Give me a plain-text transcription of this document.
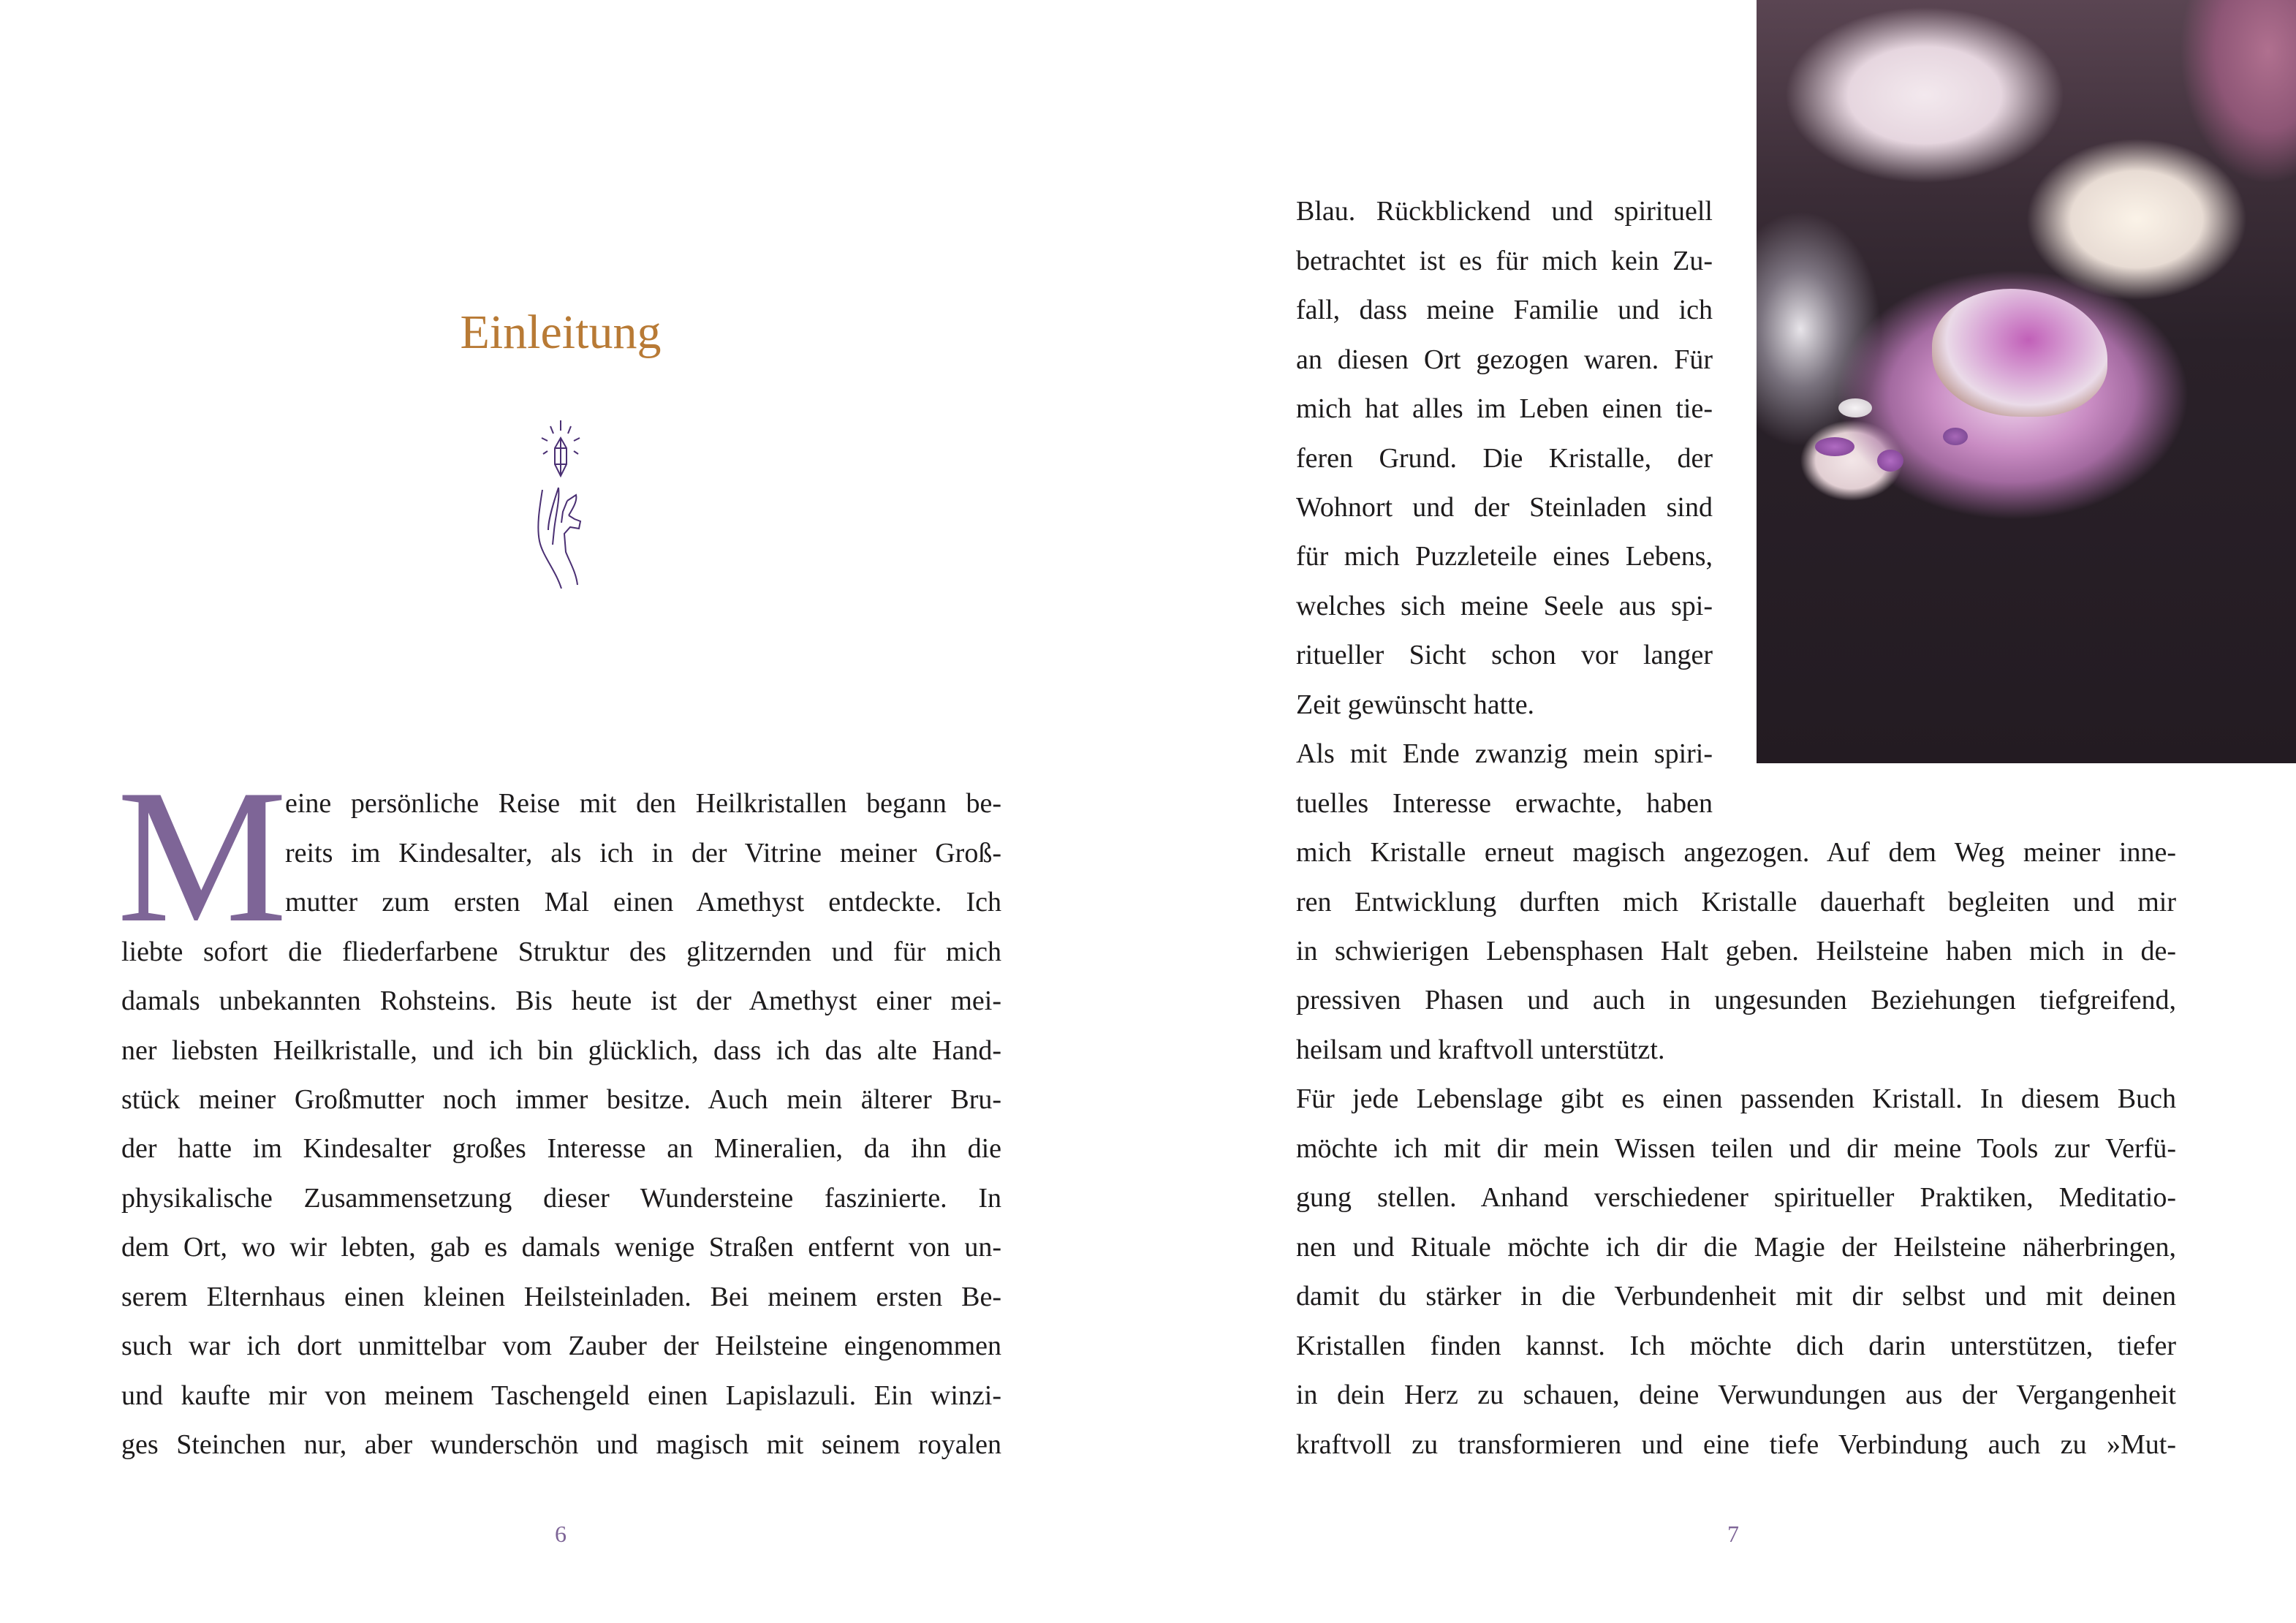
Einleitung
M
eine persönliche Reise mit den Heilkristallen begann be-
reits im Kindesalter, als ich in der Vitrine meiner Groß-
mutter zum ersten Mal einen Amethyst entdeckte. Ich
liebte sofort die fliederfarbene Struktur des glitzernden und für mich
damals unbekannten Rohsteins. Bis heute ist der Amethyst einer mei-
ner liebsten Heilkristalle, und ich bin glücklich, dass ich das alte Hand-
stück meiner Großmutter noch immer besitze. Auch mein älterer Bru-
der hatte im Kindesalter großes Interesse an Mineralien, da ihn die
physikalische Zusammensetzung dieser Wundersteine faszinierte. In
dem Ort, wo wir lebten, gab es damals wenige Straßen entfernt von un-
serem Elternhaus einen kleinen Heilsteinladen. Bei meinem ersten Be-
such war ich dort unmittelbar vom Zauber der Heilsteine eingenommen
und kaufte mir von meinem Taschengeld einen Lapislazuli. Ein winzi-
ges Steinchen nur, aber wunderschön und magisch mit seinem royalen
6
Blau. Rückblickend und spirituell
betrachtet ist es für mich kein Zu-
fall, dass meine Familie und ich
an diesen Ort gezogen waren. Für
mich hat alles im Leben einen tie-
feren Grund. Die Kristalle, der
Wohnort und der Steinladen sind
für mich Puzzleteile eines Lebens,
welches sich meine Seele aus spi-
ritueller Sicht schon vor langer
Zeit gewünscht hatte.
Als mit Ende zwanzig mein spiri-
tuelles Interesse erwachte, haben
mich Kristalle erneut magisch angezogen. Auf dem Weg meiner inne-
ren Entwicklung durften mich Kristalle dauerhaft begleiten und mir
in schwierigen Lebensphasen Halt geben. Heilsteine haben mich in de-
pressiven Phasen und auch in ungesunden Beziehungen tiefgreifend,
heilsam und kraftvoll unterstützt.
Für jede Lebenslage gibt es einen passenden Kristall. In diesem Buch
möchte ich mit dir mein Wissen teilen und dir meine Tools zur Verfü-
gung stellen. Anhand verschiedener spiritueller Praktiken, Meditatio-
nen und Rituale möchte ich dir die Magie der Heilsteine näherbringen,
damit du stärker in die Verbundenheit mit dir selbst und mit deinen
Kristallen finden kannst. Ich möchte dich darin unterstützen, tiefer
in dein Herz zu schauen, deine Verwundungen aus der Vergangenheit
kraftvoll zu transformieren und eine tiefe Verbindung auch zu »Mut-
7
